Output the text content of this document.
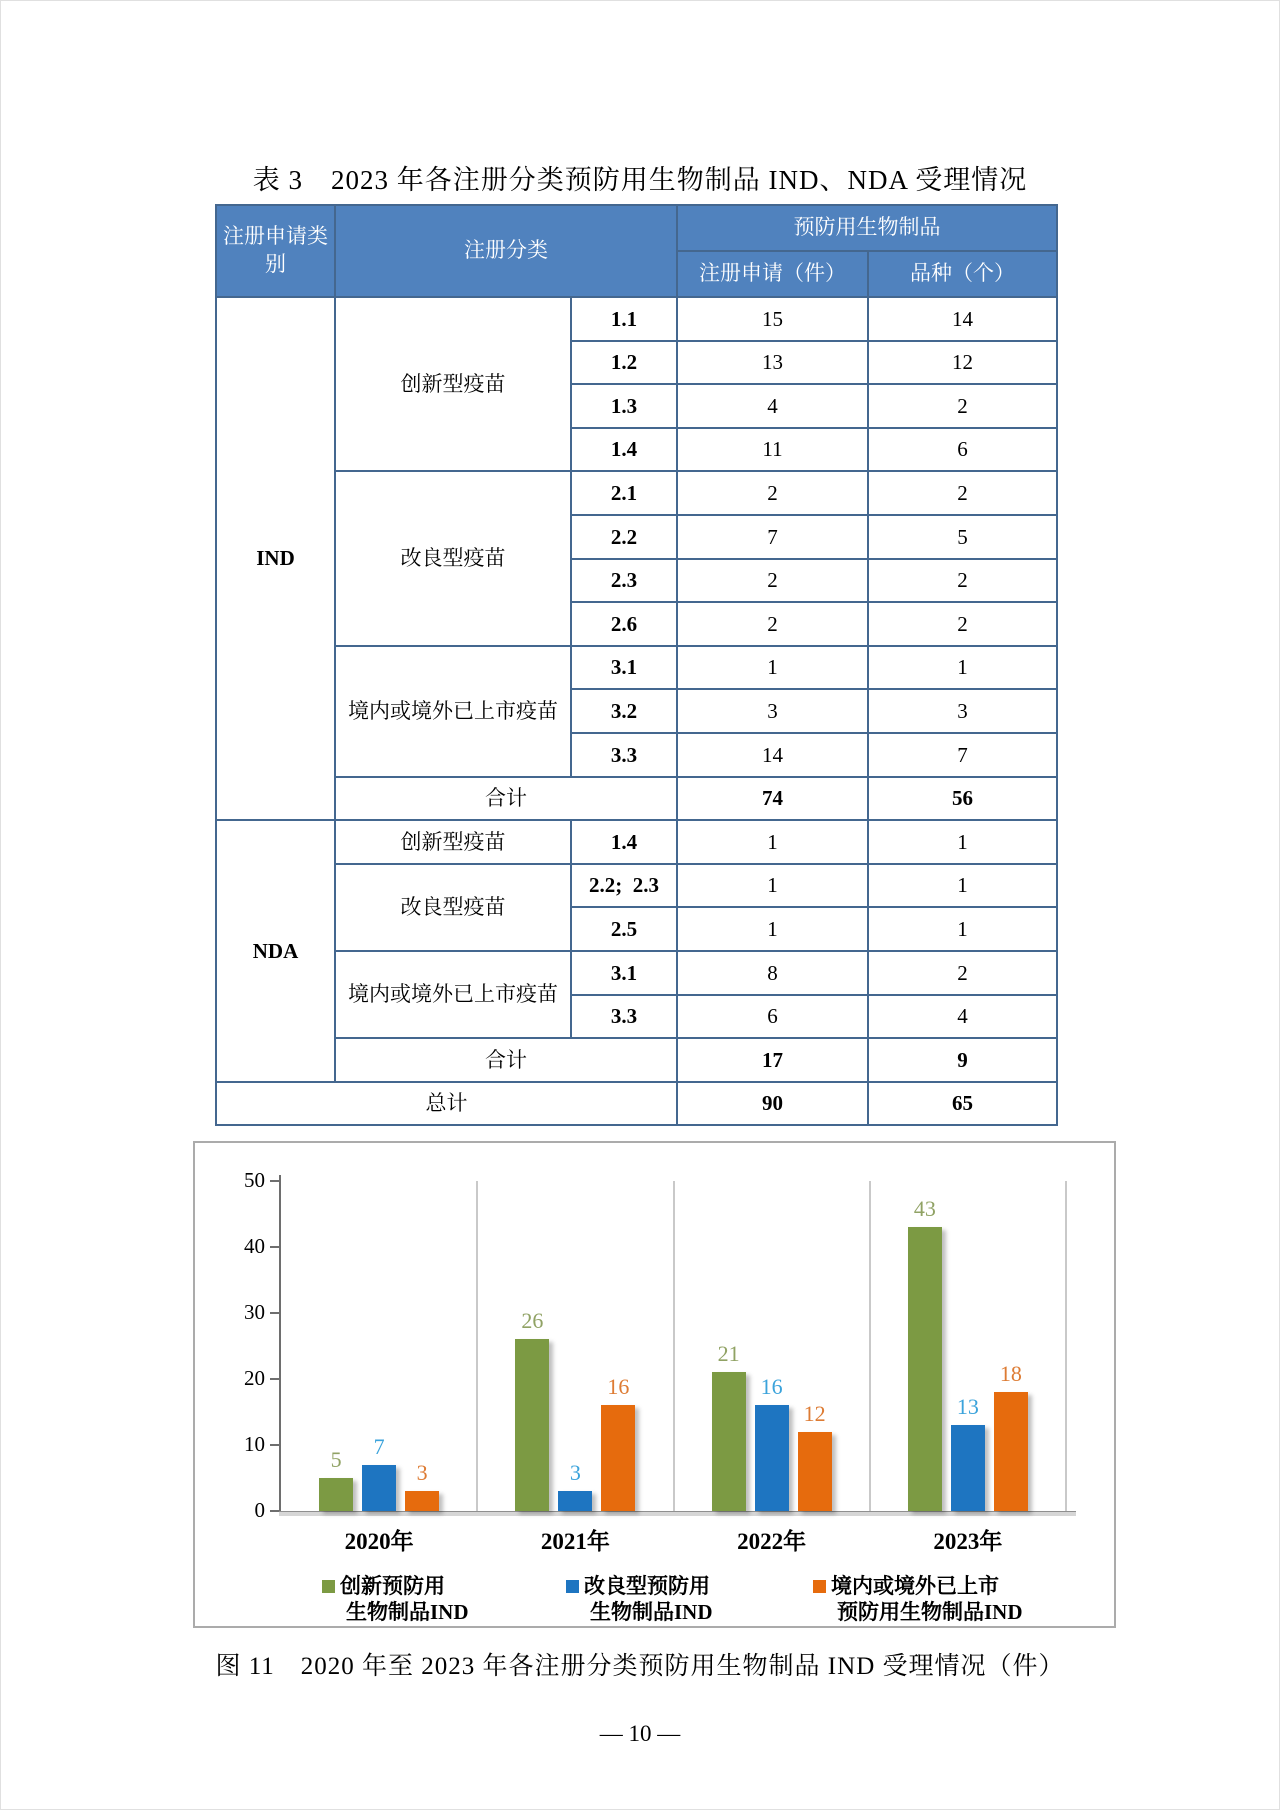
表 3　2023 年各注册分类预防用生物制品 IND、NDA 受理情况
注册申请类别	注册分类		预防用生物制品	
			注册申请（件）	品种（个）
IND	创新型疫苗	1.1	15	14
		1.2	13	12
		1.3	4	2
		1.4	11	6
	改良型疫苗	2.1	2	2
		2.2	7	5
		2.3	2	2
		2.6	2	2
	境内或境外已上市疫苗	3.1	1	1
		3.2	3	3
		3.3	14	7
	合计		74	56
NDA	创新型疫苗	1.4	1	1
	改良型疫苗	2.2;  2.3	1	1
		2.5	1	1
	境内或境外已上市疫苗	3.1	8	2
		3.3	6	4
	合计		17	9
总计			90	65
0
10
20
30
40
50
5
7
3
2020年
26
3
16
2021年
21
16
12
2022年
43
13
18
2023年
创新预防用
生物制品IND
改良型预防用
生物制品IND
境内或境外已上市
预防用生物制品IND
图 11　2020 年至 2023 年各注册分类预防用生物制品 IND 受理情况（件）
— 10 —
